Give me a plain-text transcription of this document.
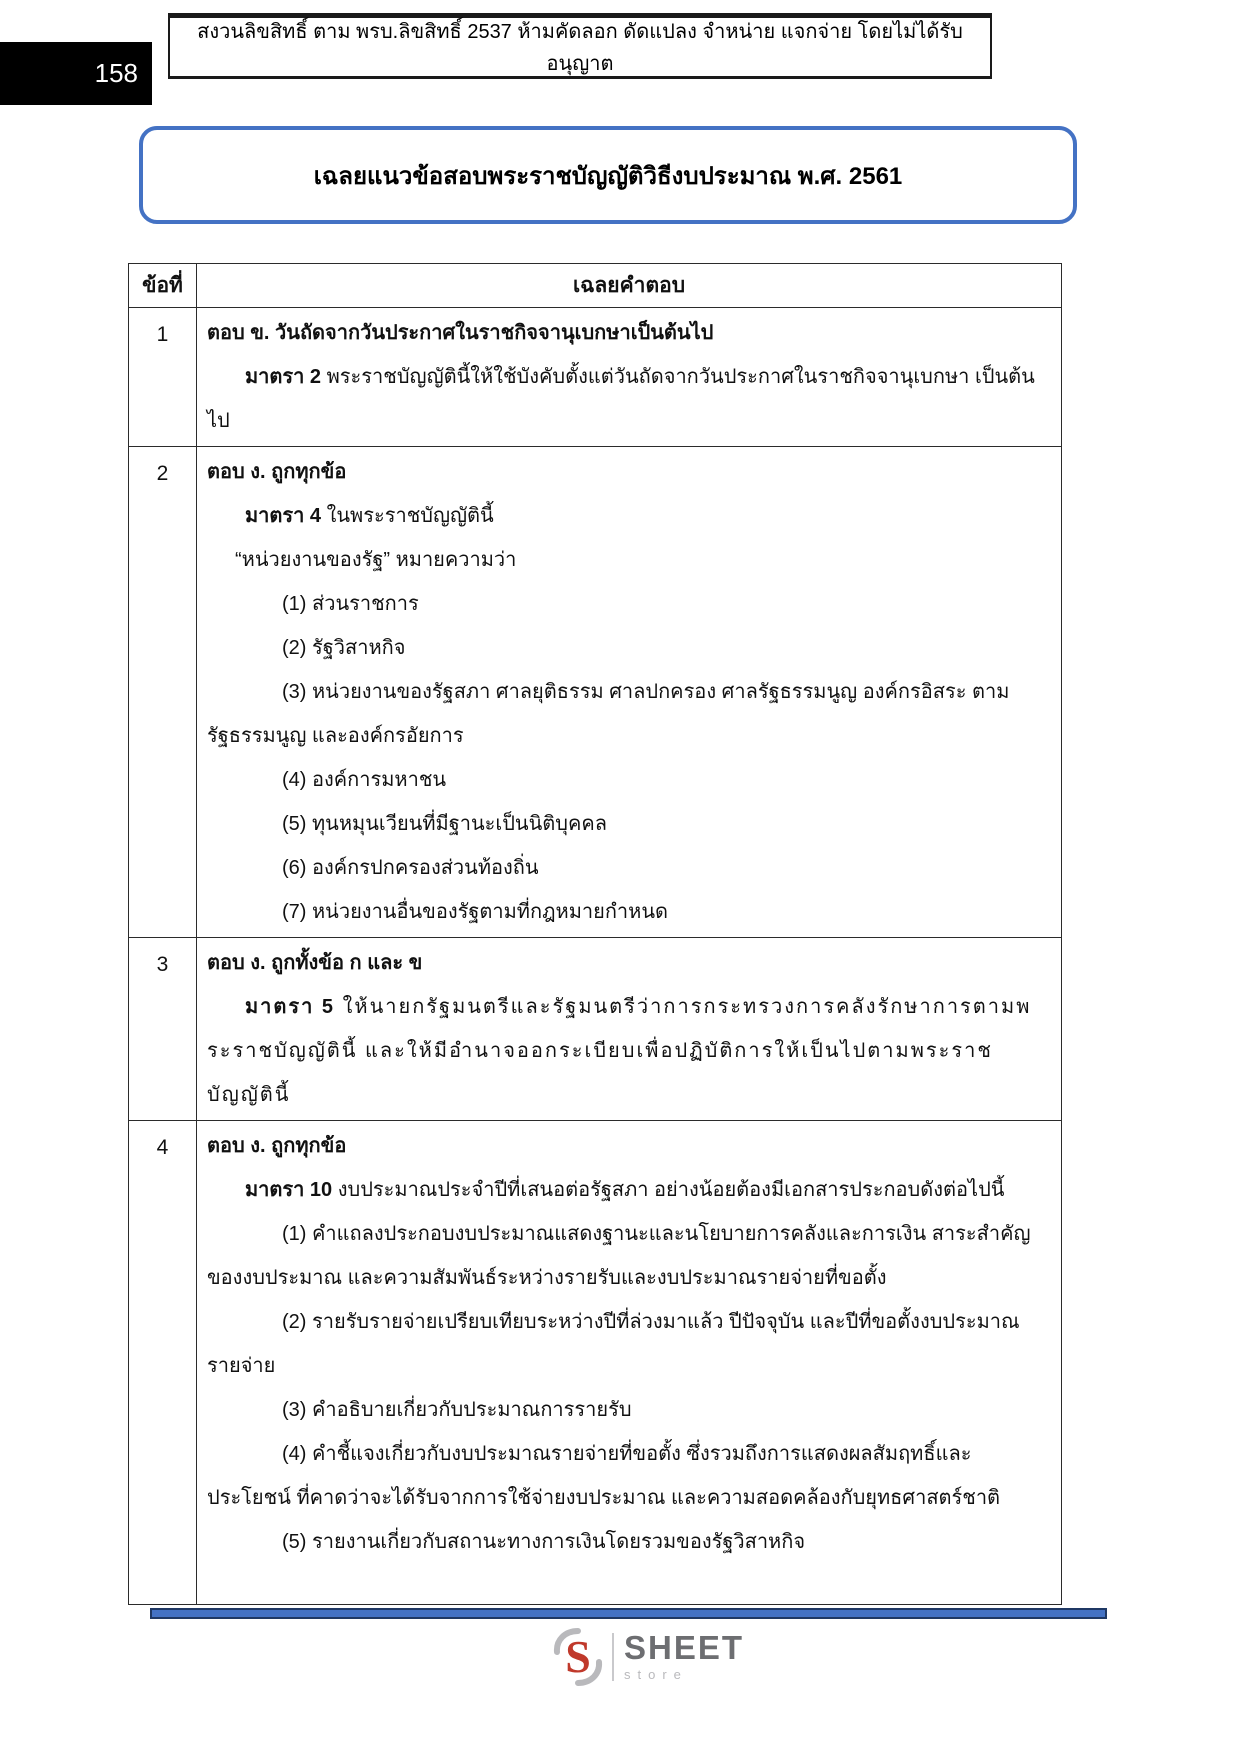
158
สงวนลิขสิทธิ์ ตาม พรบ.ลิขสิทธิ์ 2537 ห้ามคัดลอก ดัดแปลง จำหน่าย แจกจ่าย โดยไม่ได้รับอนุญาต
เฉลยแนวข้อสอบพระราชบัญญัติวิธีงบประมาณ พ.ศ. 2561
ข้อที่	เฉลยคำตอบ
1	ตอบ ข. วันถัดจากวันประกาศในราชกิจจานุเบกษาเป็นต้นไป

มาตรา 2 พระราชบัญญัตินี้ให้ใช้บังคับตั้งแต่วันถัดจากวันประกาศในราชกิจจานุเบกษา เป็นต้นไป

2	ตอบ ง. ถูกทุกข้อ

มาตรา 4 ในพระราชบัญญัตินี้

“หน่วยงานของรัฐ” หมายความว่า

(1) ส่วนราชการ

(2) รัฐวิสาหกิจ

(3) หน่วยงานของรัฐสภา ศาลยุติธรรม ศาลปกครอง ศาลรัฐธรรมนูญ องค์กรอิสระ ตามรัฐธรรมนูญ และองค์กรอัยการ

(4) องค์การมหาชน

(5) ทุนหมุนเวียนที่มีฐานะเป็นนิติบุคคล

(6) องค์กรปกครองส่วนท้องถิ่น

(7) หน่วยงานอื่นของรัฐตามที่กฎหมายกำหนด

3	ตอบ ง. ถูกทั้งข้อ ก และ ข

มาตรา 5 ให้นายกรัฐมนตรีและรัฐมนตรีว่าการกระทรวงการคลังรักษาการตามพระราชบัญญัตินี้ และให้มีอำนาจออกระเบียบเพื่อปฏิบัติการให้เป็นไปตามพระราชบัญญัตินี้

4	ตอบ ง. ถูกทุกข้อ

มาตรา 10 งบประมาณประจำปีที่เสนอต่อรัฐสภา อย่างน้อยต้องมีเอกสารประกอบดังต่อไปนี้

(1) คำแถลงประกอบงบประมาณแสดงฐานะและนโยบายการคลังและการเงิน สาระสำคัญของงบประมาณ และความสัมพันธ์ระหว่างรายรับและงบประมาณรายจ่ายที่ขอตั้ง

(2) รายรับรายจ่ายเปรียบเทียบระหว่างปีที่ล่วงมาแล้ว ปีปัจจุบัน และปีที่ขอตั้งงบประมาณรายจ่าย

(3) คำอธิบายเกี่ยวกับประมาณการรายรับ

(4) คำชี้แจงเกี่ยวกับงบประมาณรายจ่ายที่ขอตั้ง ซึ่งรวมถึงการแสดงผลสัมฤทธิ์และประโยชน์ ที่คาดว่าจะได้รับจากการใช้จ่ายงบประมาณ และความสอดคล้องกับยุทธศาสตร์ชาติ

(5) รายงานเกี่ยวกับสถานะทางการเงินโดยรวมของรัฐวิสาหกิจ

S SHEET
store
